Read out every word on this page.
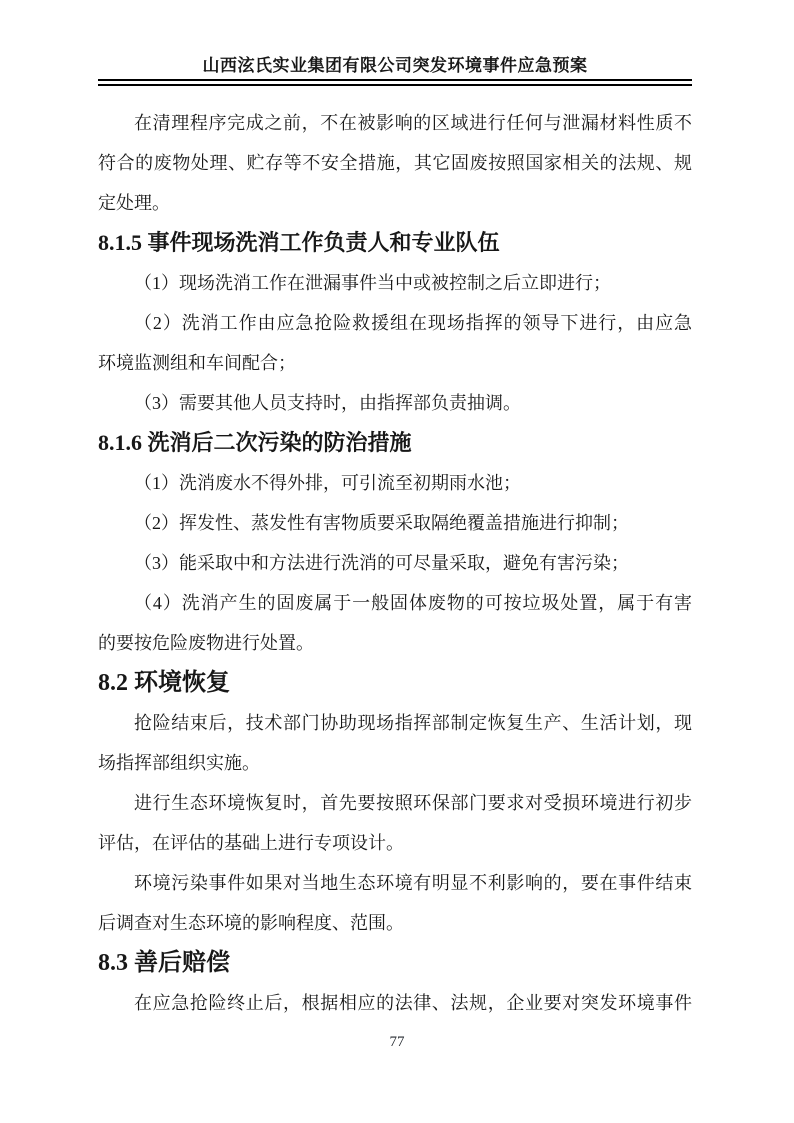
山西泫氏实业集团有限公司突发环境事件应急预案

在清理程序完成之前，不在被影响的区域进行任何与泄漏材料性质不

符合的废物处理、贮存等不安全措施，其它固废按照国家相关的法规、规

定处理。

8.1.5 事件现场洗消工作负责人和专业队伍

（1）现场洗消工作在泄漏事件当中或被控制之后立即进行；

（2）洗消工作由应急抢险救援组在现场指挥的领导下进行，由应急

环境监测组和车间配合；

（3）需要其他人员支持时，由指挥部负责抽调。

8.1.6 洗消后二次污染的防治措施

（1）洗消废水不得外排，可引流至初期雨水池；

（2）挥发性、蒸发性有害物质要采取隔绝覆盖措施进行抑制；

（3）能采取中和方法进行洗消的可尽量采取，避免有害污染；

（4）洗消产生的固废属于一般固体废物的可按垃圾处置，属于有害

的要按危险废物进行处置。

8.2 环境恢复

抢险结束后，技术部门协助现场指挥部制定恢复生产、生活计划，现

场指挥部组织实施。

进行生态环境恢复时，首先要按照环保部门要求对受损环境进行初步

评估，在评估的基础上进行专项设计。

环境污染事件如果对当地生态环境有明显不利影响的，要在事件结束

后调查对生态环境的影响程度、范围。

8.3 善后赔偿

在应急抢险终止后，根据相应的法律、法规，企业要对突发环境事件

77
